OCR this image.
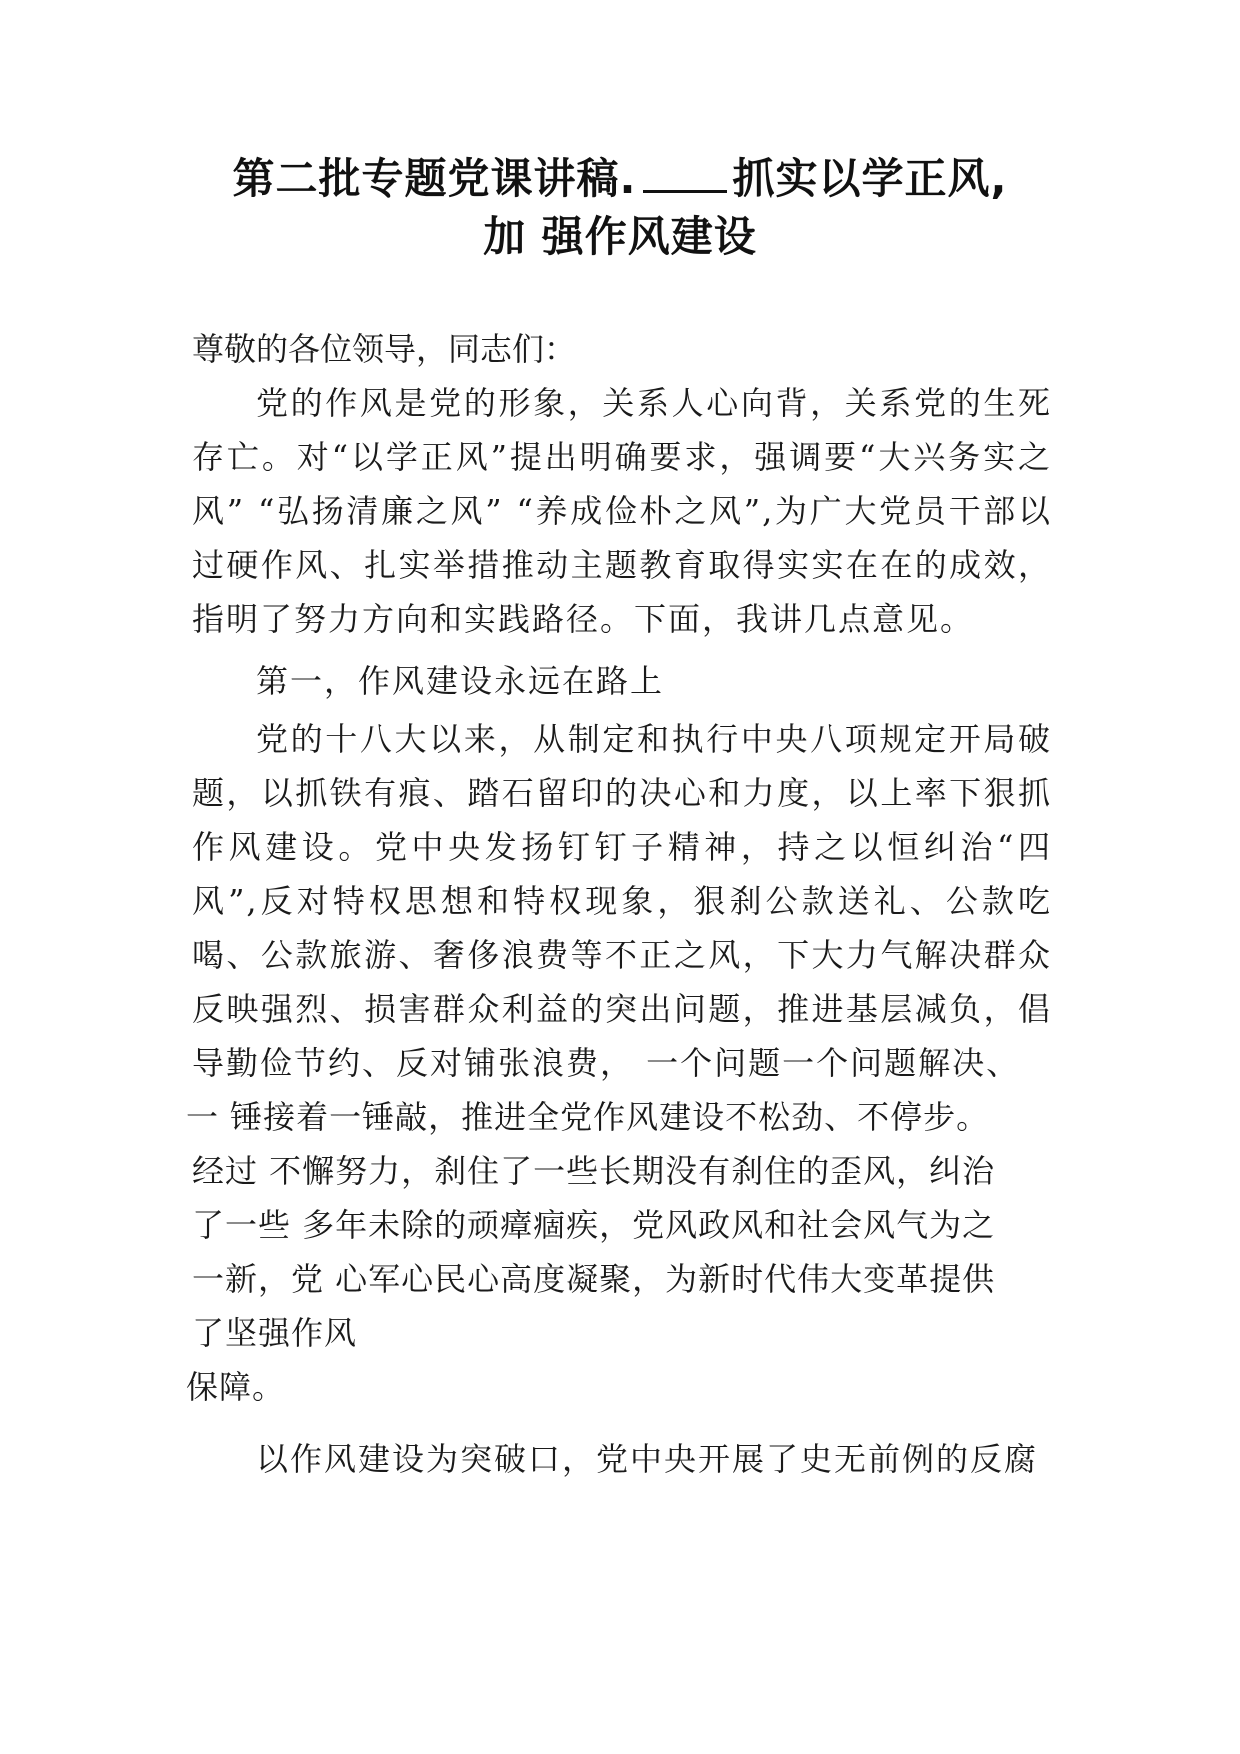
第二批专题党课讲稿. 抓实以学正风,
加 强作风建设

尊敬的各位领导，同志们：

党的作风是党的形象，关系人心向背，关系党的生死存亡。对“以学正风”提出明确要求，强调要“大兴务实之风” “弘扬清廉之风” “养成俭朴之风”,为广大党员干部以过硬作风、扎实举措推动主题教育取得实实在在的成效，指明了努力方向和实践路径。下面，我讲几点意见。

第一，作风建设永远在路上

党的十八大以来，从制定和执行中央八项规定开局破题，以抓铁有痕、踏石留印的决心和力度，以上率下狠抓作风建设。党中央发扬钉钉子精神，持之以恒纠治“四风”,反对特权思想和特权现象，狠刹公款送礼、公款吃喝、公款旅游、奢侈浪费等不正之风，下大力气解决群众反映强烈、损害群众利益的突出问题，推进基层减负，倡导勤俭节约、反对铺张浪费， 一个问题一个问题解决、

一 锤接着一锤敲，推进全党作风建设不松劲、不停步。
经过 不懈努力，刹住了一些长期没有刹住的歪风，纠治
了一些 多年未除的顽瘴痼疾，党风政风和社会风气为之
一新，党 心军心民心高度凝聚，为新时代伟大变革提供
了坚强作风
保障。

以作风建设为突破口，党中央开展了史无前例的反腐
